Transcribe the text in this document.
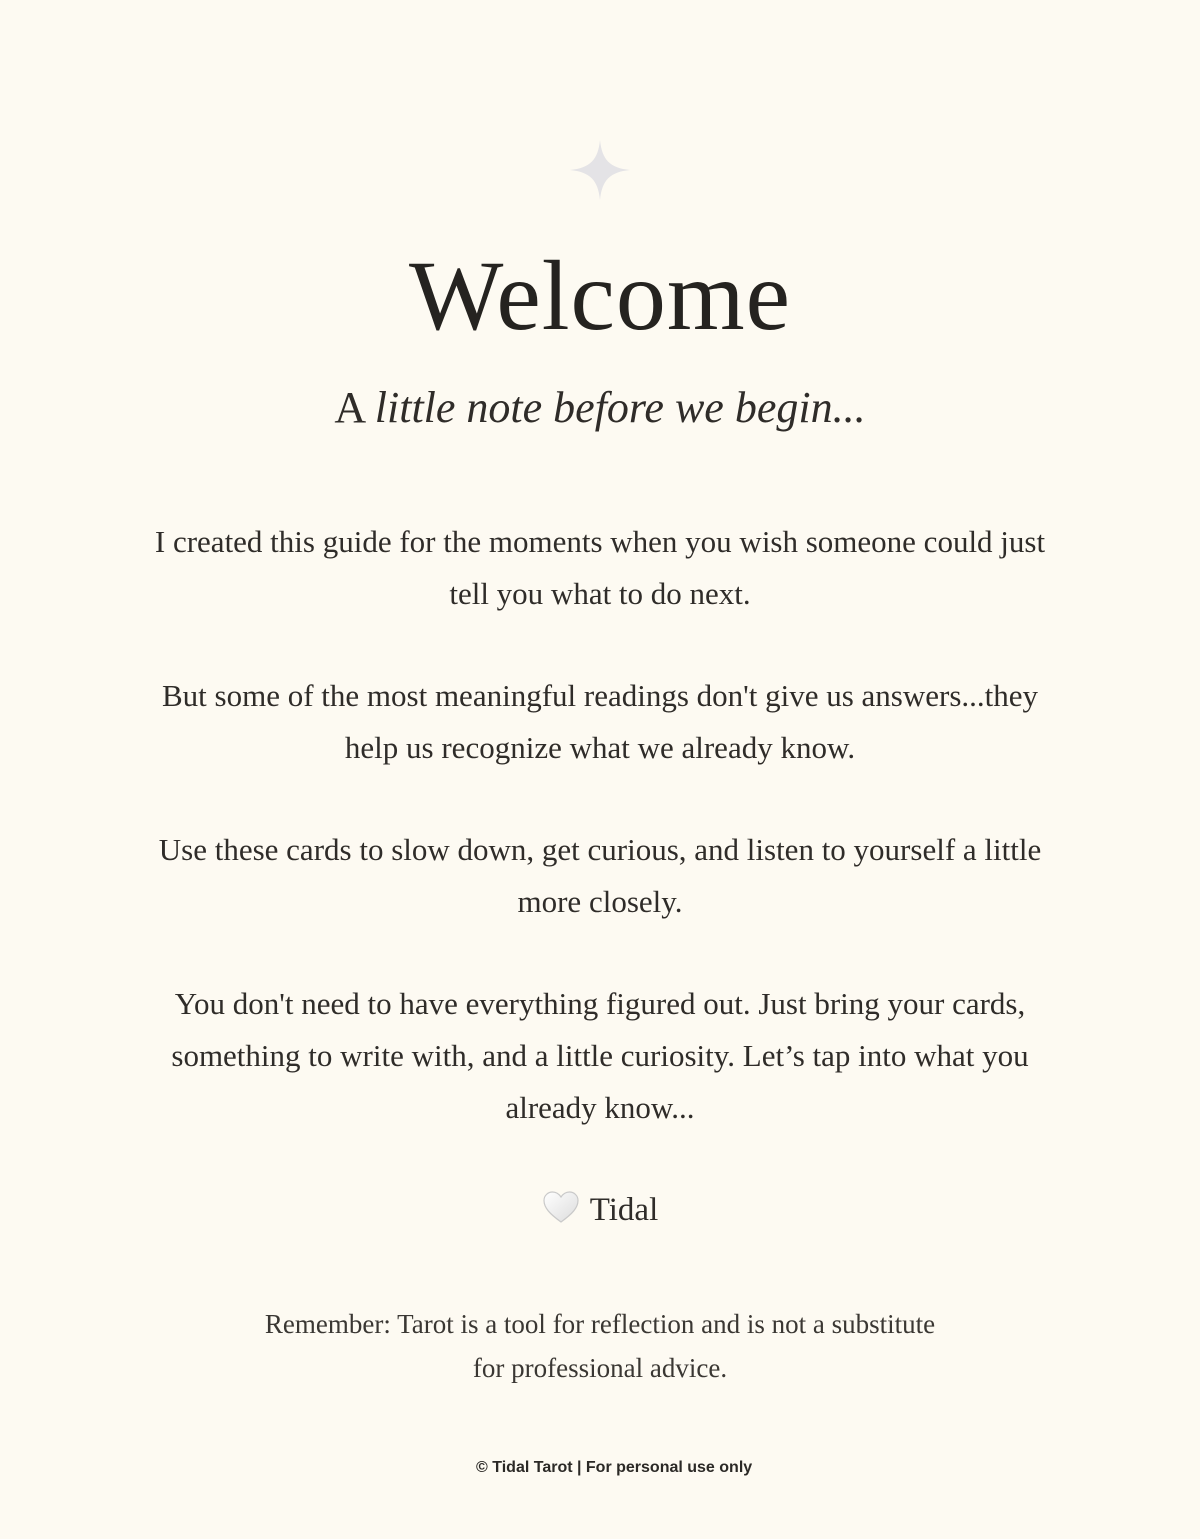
Welcome

A little note before we begin...

I created this guide for the moments when you wish someone could just tell you what to do next.

But some of the most meaningful readings don't give us answers...they help us recognize what we already know.

Use these cards to slow down, get curious, and listen to yourself a little more closely.

You don't need to have everything figured out. Just bring your cards, something to write with, and a little curiosity. Let’s tap into what you already know...

Tidal

Remember: Tarot is a tool for reflection and is not a substitute for professional advice.

© Tidal Tarot | For personal use only
